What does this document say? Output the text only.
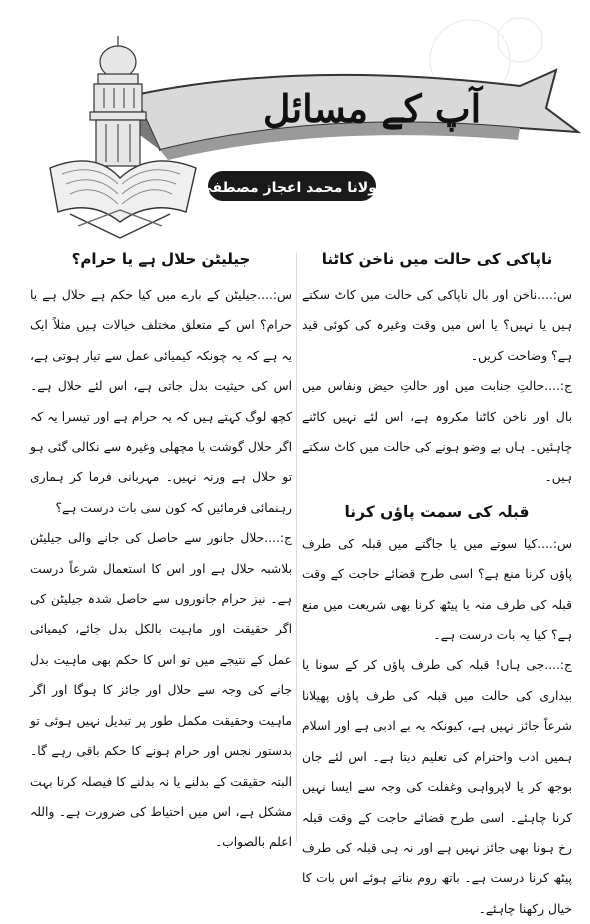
آپ کے مسائل
مولانا محمد اعجاز مصطفیٰ
ناپاکی کی حالت میں ناخن کاٹنا

س:....ناخن اور بال ناپاکی کی حالت میں کاٹ سکتے ہیں یا نہیں؟ یا اس میں وقت وغیرہ کی کوئی قید ہے؟ وضاحت کریں۔

ج:....حالتِ جنابت میں اور حالتِ حیض ونفاس میں بال اور ناخن کاٹنا مکروہ ہے، اس لئے نہیں کاٹنے چاہئیں۔ ہاں بے وضو ہونے کی حالت میں کاٹ سکتے ہیں۔

قبلہ کی سمت پاؤں کرنا

س:....کیا سوتے میں یا جاگتے میں قبلہ کی طرف پاؤں کرنا منع ہے؟ اسی طرح قضائے حاجت کے وقت قبلہ کی طرف منہ یا پیٹھ کرنا بھی شریعت میں منع ہے؟ کیا یہ بات درست ہے۔

ج:....جی ہاں! قبلہ کی طرف پاؤں کر کے سونا یا بیداری کی حالت میں قبلہ کی طرف پاؤں پھیلانا شرعاً جائز نہیں ہے، کیونکہ یہ بے ادبی ہے اور اسلام ہمیں ادب واحترام کی تعلیم دیتا ہے۔ اس لئے جان بوجھ کر یا لاپرواہی وغفلت کی وجہ سے ایسا نہیں کرنا چاہئے۔ اسی طرح قضائے حاجت کے وقت قبلہ رخ ہونا بھی جائز نہیں ہے اور نہ ہی قبلہ کی طرف پیٹھ کرنا درست ہے۔ باتھ روم بناتے ہوئے اس بات کا خیال رکھنا چاہئے۔

جیلیٹن حلال ہے یا حرام؟

س:....جیلیٹن کے بارے میں کیا حکم ہے حلال ہے یا حرام؟ اس کے متعلق مختلف خیالات ہیں مثلاً ایک یہ ہے کہ یہ چونکہ کیمیائی عمل سے تیار ہوتی ہے، اس کی حیثیت بدل جاتی ہے، اس لئے حلال ہے۔ کچھ لوگ کہتے ہیں کہ یہ حرام ہے اور تیسرا یہ کہ اگر حلال گوشت یا مچھلی وغیرہ سے نکالی گئی ہو تو حلال ہے ورنہ نہیں۔ مہربانی فرما کر ہماری رہنمائی فرمائیں کہ کون سی بات درست ہے؟

ج:....حلال جانور سے حاصل کی جانے والی جیلیٹن بلاشبہ حلال ہے اور اس کا استعمال شرعاً درست ہے۔ نیز حرام جانوروں سے حاصل شدہ جیلیٹن کی اگر حقیقت اور ماہیت بالکل بدل جائے، کیمیائی عمل کے نتیجے میں تو اس کا حکم بھی ماہیت بدل جانے کی وجہ سے حلال اور جائز کا ہوگا اور اگر ماہیت وحقیقت مکمل طور پر تبدیل نہیں ہوئی تو بدستور نجس اور حرام ہونے کا حکم باقی رہے گا۔ البتہ حقیقت کے بدلنے یا نہ بدلنے کا فیصلہ کرنا بہت مشکل ہے، اس میں احتیاط کی ضرورت ہے۔ واللہ اعلم بالصواب۔
